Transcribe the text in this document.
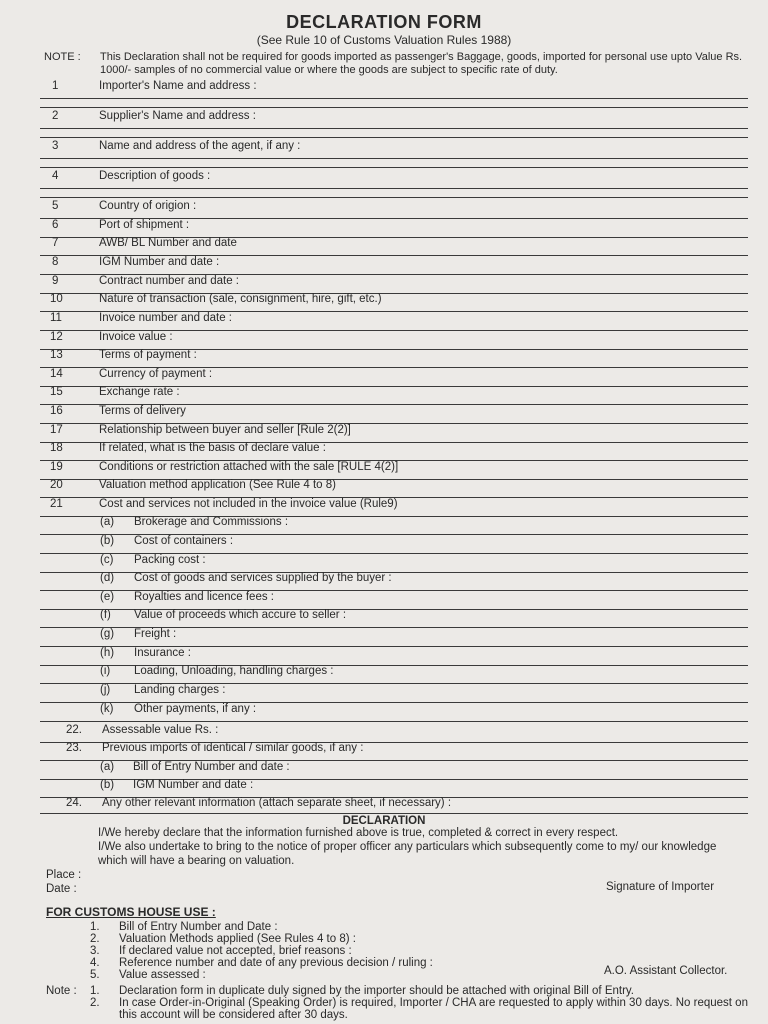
DECLARATION FORM
(See Rule 10 of Customs Valuation Rules 1988)
NOTE : This Declaration shall not be required for goods imported as passenger's Baggage, goods, imported for personal use upto Value Rs. 1000/- samples of no commercial value or where the goods are subject to specific rate of duty.
1	Importer's Name and address :
2	Supplier's Name and address :
3	Name and address of the agent, if any :
4	Description of goods :
5	Country of origion :
6	Port of shipment :
7	AWB/ BL Number and date
8	IGM Number and date :
9	Contract number and date :
10	Nature of transaction (sale, consignment, hire, gift, etc.)
11	Invoice number and date :
12	Invoice value :
13	Terms of payment :
14	Currency of payment :
15	Exchange rate :
16	Terms of delivery
17	Relationship between buyer and seller [Rule 2(2)]
18	If related, what is the basis of declare value :
19	Conditions or restriction attached with the sale [RULE 4(2)]
20	Valuation method application (See Rule 4 to 8)
21	Cost and services not included in the invoice value (Rule9)
(a) Brokerage and Commissions :
(b) Cost of containers :
(c) Packing cost :
(d) Cost of goods and services supplied by the buyer :
(e) Royalties and licence fees :
(f) Value of proceeds which accure to seller :
(g) Freight :
(h) Insurance :
(i) Loading, Unloading, handling charges :
(j) Landing charges :
(k) Other payments, if any :
22. Assessable value Rs. :
23. Previous imports of identical / similar goods, if any :
(a) Bill of Entry Number and date :
(b) IGM Number and date :
24. Any other relevant information (attach separate sheet, if necessary) :
DECLARATION
I/We hereby declare that the information furnished above is true, completed & correct in every respect.
I/We also undertake to bring to the notice of proper officer any particulars which subsequently come to my/ our knowledge which will have a bearing on valuation.
Place :
Date :	Signature of Importer
FOR CUSTOMS HOUSE USE :
1. Bill of Entry Number and Date :
2. Valuation Methods applied (See Rules 4 to 8) :
3. If declared value not accepted, brief reasons :
4. Reference number and date of any previous decision / ruling :
5. Value assessed :	A.O. Assistant Collector.
Note : 1. Declaration form in duplicate duly signed by the importer should be attached with original Bill of Entry.
2. In case Order-in-Original (Speaking Order) is required, Importer / CHA are requested to apply within 30 days. No request on this account will be considered after 30 days.
